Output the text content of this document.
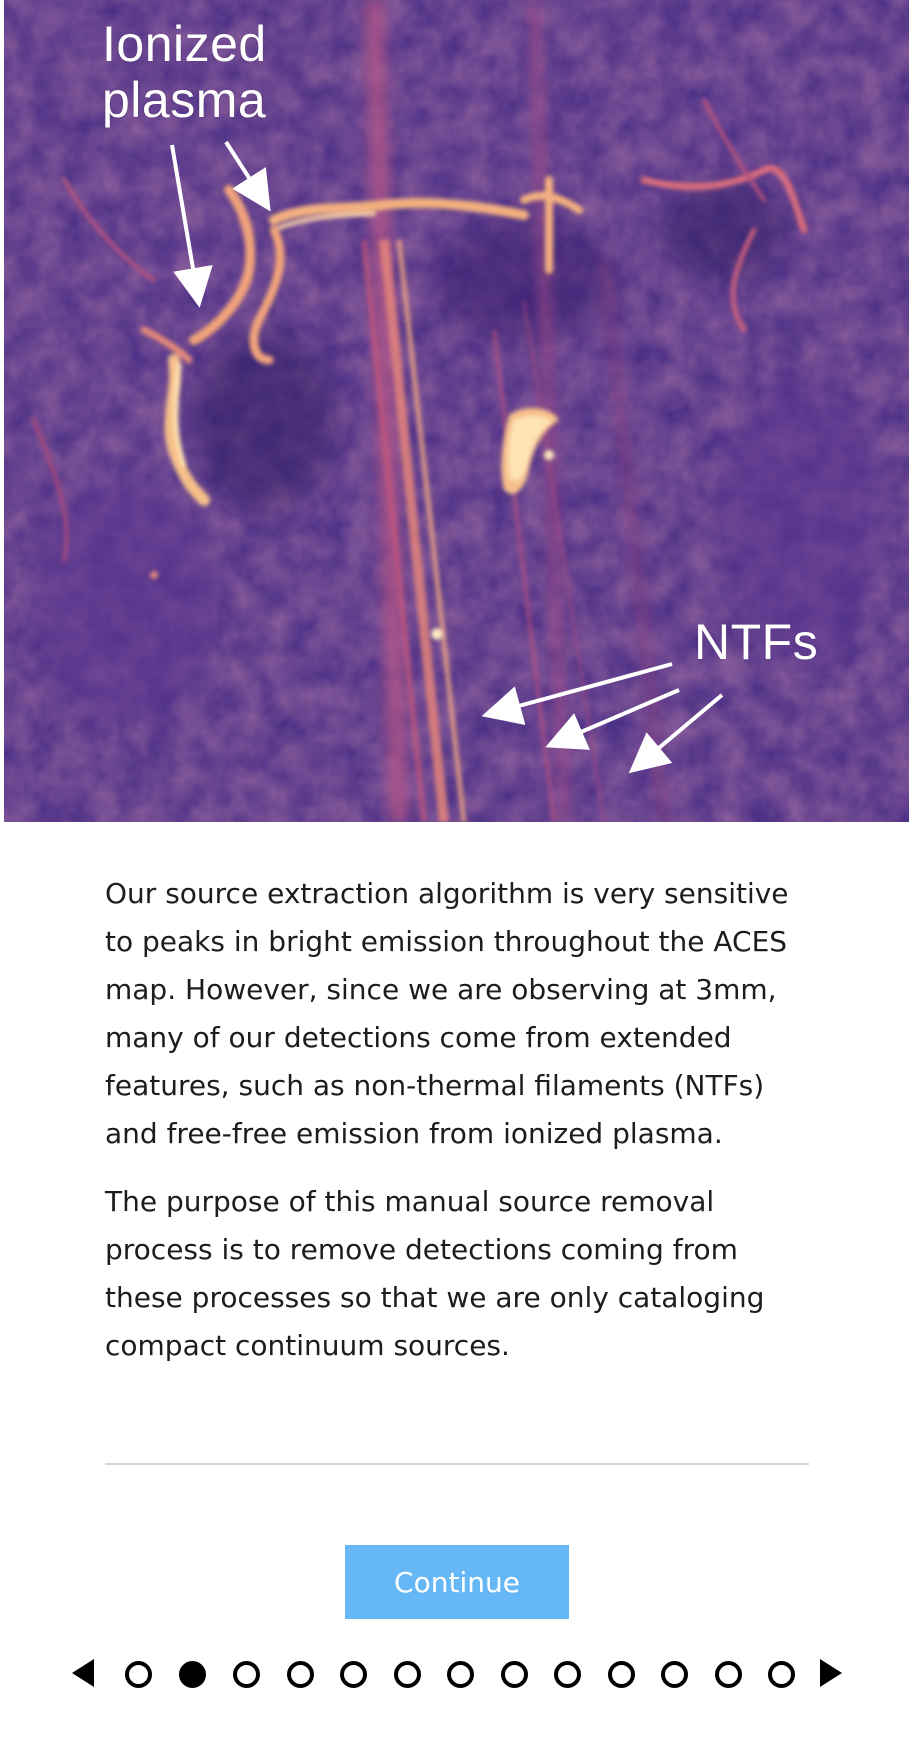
Ionized
plasma
NTFs

Our source extraction algorithm is very sensitive to peaks in bright emission throughout the ACES map. However, since we are observing at 3mm, many of our detections come from extended features, such as non-thermal filaments (NTFs) and free-free emission from ionized plasma.

The purpose of this manual source removal process is to remove detections coming from these processes so that we are only cataloging compact continuum sources.

Continue
